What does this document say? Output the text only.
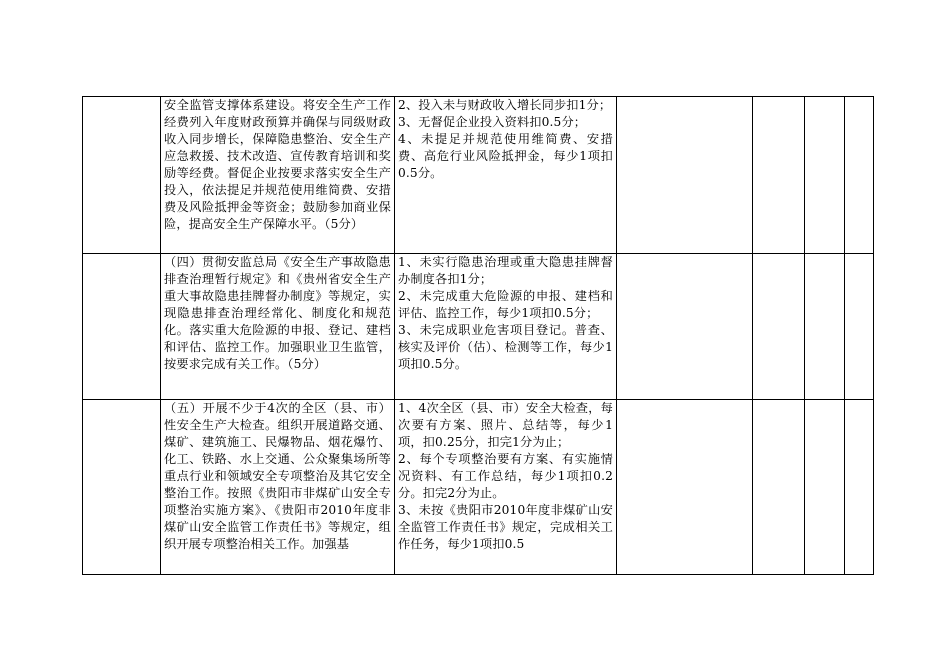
	安全监管支撑体系建设。将安全生产工作经费列入年度财政预算并确保与同级财政收入同步增长，保障隐患整治、安全生产应急救援、技术改造、宣传教育培训和奖励等经费。督促企业按要求落实安全生产投入，依法提足并规范使用维简费、安措费及风险抵押金等资金；鼓励参加商业保险，提高安全生产保障水平。（5分）	2、投入未与财政收入增长同步扣1分；

3、无督促企业投入资料扣0.5分；

4、未提足并规范使用维简费、安措费、高危行业风险抵押金，每少1项扣0.5分。				

	（四）贯彻安监总局《安全生产事故隐患排查治理暂行规定》和《贵州省安全生产重大事故隐患挂牌督办制度》等规定，实现隐患排查治理经常化、制度化和规范化。落实重大危险源的申报、登记、建档和评估、监控工作。加强职业卫生监管，按要求完成有关工作。（5分）	1、未实行隐患治理或重大隐患挂牌督办制度各扣1分；

2、未完成重大危险源的申报、建档和评估、监控工作，每少1项扣0.5分；

3、未完成职业危害项目登记。普查、核实及评价（估）、检测等工作，每少1项扣0.5分。				

	（五）开展不少于4次的全区（县、市）性安全生产大检查。组织开展道路交通、煤矿、建筑施工、民爆物品、烟花爆竹、化工、铁路、水上交通、公众聚集场所等重点行业和领域安全专项整治及其它安全整治工作。按照《贵阳市非煤矿山安全专项整治实施方案》、《贵阳市2010年度非煤矿山安全监管工作责任书》等规定，组织开展专项整治相关工作。加强基	1、4次全区（县、市）安全大检查，每次要有方案、照片、总结等，每少1项，扣0.25分，扣完1分为止；

2、每个专项整治要有方案、有实施情况资料、有工作总结，每少1项扣0.2分。扣完2分为止。

3、未按《贵阳市2010年度非煤矿山安全监管工作责任书》规定，完成相关工作任务，每少1项扣0.5				
